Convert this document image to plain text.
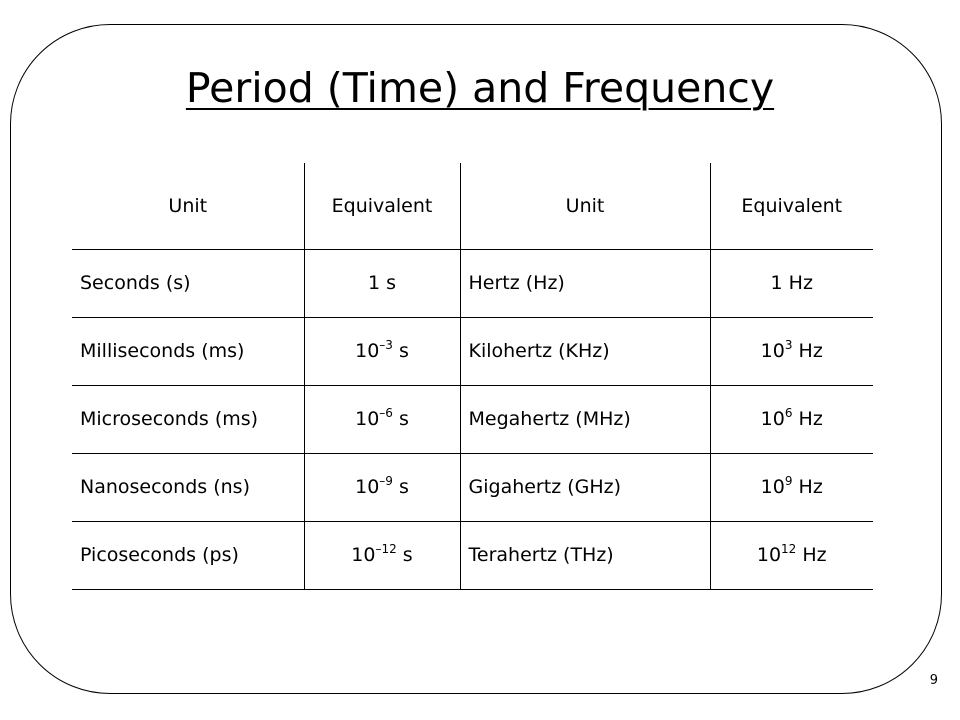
Period (Time) and Frequency
Unit	Equivalent	Unit	Equivalent
Seconds (s)	1 s	Hertz (Hz)	1 Hz
Milliseconds (ms)	$10^{-3}$ s	Kilohertz (KHz)	$10^3$ Hz
Microseconds (ms)	$10^{-6}$ s	Megahertz (MHz)	$10^6$ Hz
Nanoseconds (ns)	$10^{-9}$ s	Gigahertz (GHz)	$10^9$ Hz
Picoseconds (ps)	$10^{-12}$ s	Terahertz (THz)	$10^{12}$ Hz
9
